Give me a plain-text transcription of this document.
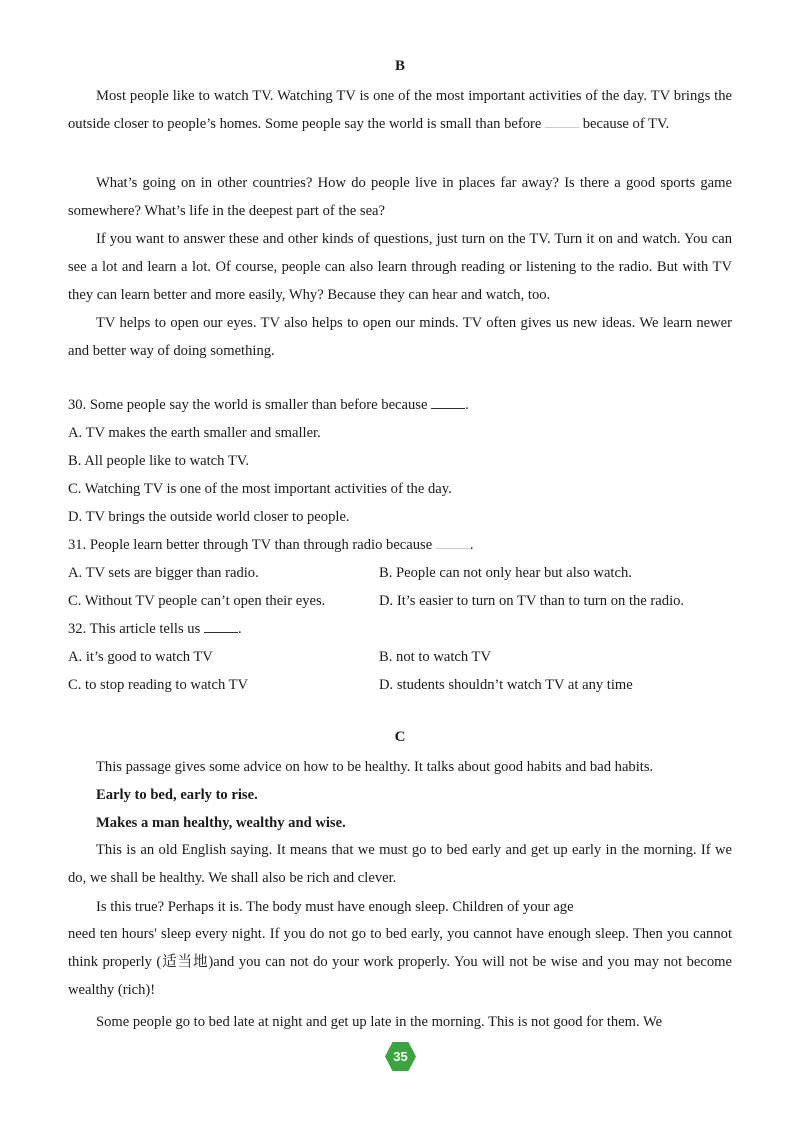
B

Most people like to watch TV. Watching TV is one of the most important activities of the day. TV brings the outside closer to people’s homes. Some people say the world is small than before	because of TV.

What’s going on in other countries? How do people live in places far away? Is there a good sports game somewhere? What’s life in the deepest part of the sea?

If you want to answer these and other kinds of questions, just turn on the TV. Turn it on and watch. You can see a lot and learn a lot. Of course, people can also learn through reading or listening to the radio. But with TV they can learn better and more easily, Why? Because they can hear and watch, too.

TV helps to open our eyes. TV also helps to open our minds. TV often gives us new ideas. We learn newer and better way of doing something.

30. Some people say the world is smaller than before because	.
A. TV makes the earth smaller and smaller.
B. All people like to watch TV.
C. Watching TV is one of the most important activities of the day.
D. TV brings the outside world closer to people.
31. People learn better through TV than through radio because	.
A. TV sets are bigger than radio.	B. People can not only hear but also watch.
C. Without TV people can’t open their eyes.	D. It’s easier to turn on TV than to turn on the radio.
32. This article tells us	.
A. it’s good to watch TV	B. not to watch TV
C. to stop reading to watch TV	D. students shouldn’t watch TV at any time
C
This passage gives some advice on how to be healthy. It talks about good habits and bad habits.
Early to bed, early to rise.
Makes a man healthy, wealthy and wise.

This is an old English saying. It means that we must go to bed early and get up early in the morning. If we do, we shall be healthy. We shall also be rich and clever.

Is this true? Perhaps it is. The body must have enough sleep. Children of your age

need ten hours' sleep every night. If you do not go to bed early, you cannot have enough sleep. Then you cannot think properly (适当地)and you can not do your work properly. You will not be wise and you may not become wealthy (rich)!

Some people go to bed late at night and get up late in the morning. This is not good for them. We

35
